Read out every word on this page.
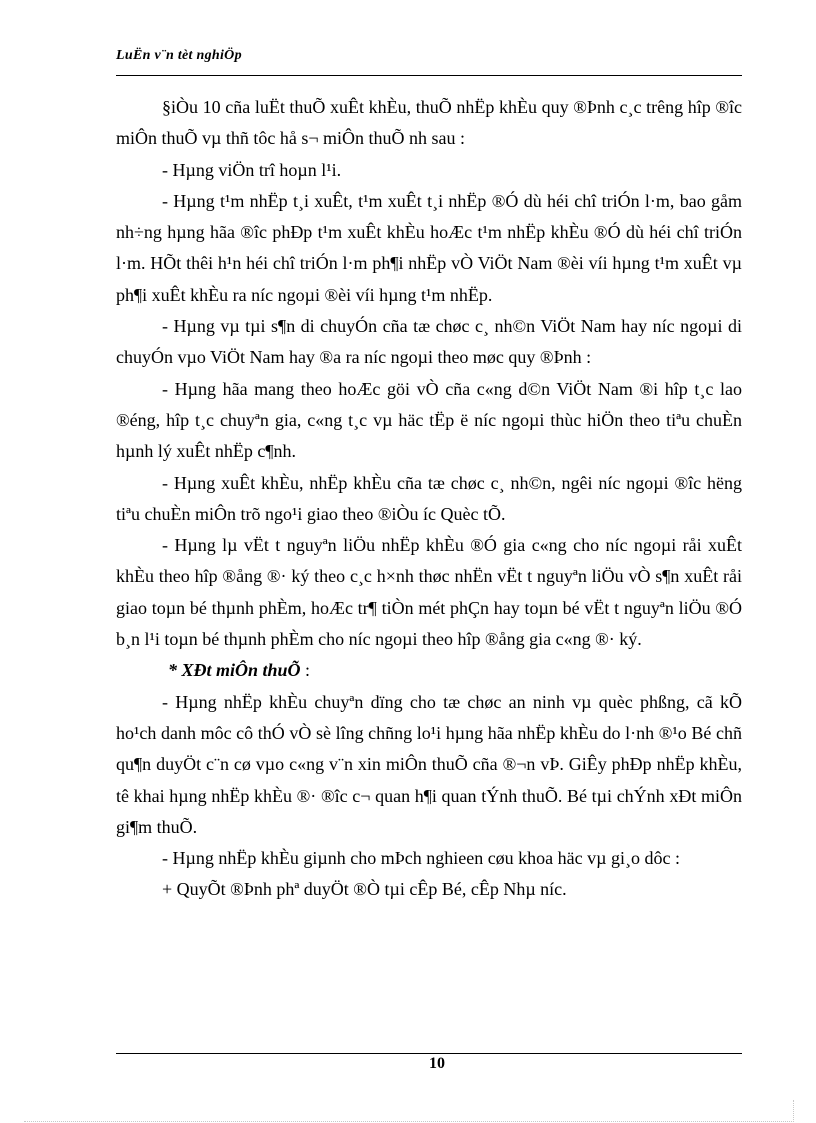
LuËn v¨n tèt nghiÖp

§iÒu 10 cña luËt thuÕ xuÊt khÈu, thuÕ nhËp khÈu quy ®Þnh c¸c trêng hîp ®îc miÔn thuÕ vµ thñ tôc hå s¬ miÔn thuÕ nh sau :

- Hµng viÖn trî hoµn l¹i.

- Hµng t¹m nhËp t¸i xuÊt, t¹m xuÊt t¸i nhËp ®Ó dù héi chî triÓn l·m, bao gåm nh÷ng hµng hãa ®îc phÐp t¹m xuÊt khÈu hoÆc t¹m nhËp khÈu ®Ó dù héi chî triÓn l·m. HÕt thêi h¹n héi chî triÓn l·m ph¶i nhËp vÒ ViÖt Nam ®èi víi hµng t¹m xuÊt vµ ph¶i xuÊt khÈu ra níc ngoµi ®èi víi hµng t¹m nhËp.

- Hµng vµ tµi s¶n di chuyÓn cña tæ chøc c¸ nh©n ViÖt Nam hay níc ngoµi di chuyÓn vµo ViÖt Nam hay ®a ra níc ngoµi theo møc quy ®Þnh :

- Hµng hãa mang theo hoÆc göi vÒ cña c«ng d©n ViÖt Nam ®i hîp t¸c lao ®éng, hîp t¸c chuyªn gia, c«ng t¸c vµ häc tËp ë níc ngoµi thùc hiÖn theo tiªu chuÈn hµnh lý xuÊt nhËp c¶nh.

- Hµng xuÊt khÈu, nhËp khÈu cña tæ chøc c¸ nh©n, ngêi níc ngoµi ®îc hëng tiªu chuÈn miÔn trõ ngo¹i giao theo ®iÒu íc Quèc tÕ.

- Hµng lµ vËt t nguyªn liÖu nhËp khÈu ®Ó gia c«ng cho níc ngoµi råi xuÊt khÈu theo hîp ®ång ®· ký theo c¸c h×nh thøc nhËn vËt t nguyªn liÖu vÒ s¶n xuÊt råi giao toµn bé thµnh phÈm, hoÆc tr¶ tiÒn mét phÇn hay toµn bé vËt t nguyªn liÖu ®Ó b¸n l¹i toµn bé thµnh phÈm cho níc ngoµi theo hîp ®ång gia c«ng ®· ký.

* XÐt miÔn thuÕ :

- Hµng nhËp khÈu chuyªn dïng cho tæ chøc an ninh vµ quèc phßng, cã kÕ ho¹ch danh môc cô thÓ vÒ sè lîng chñng lo¹i hµng hãa nhËp khÈu do l·nh ®¹o Bé chñ qu¶n duyÖt c¨n cø vµo c«ng v¨n xin miÔn thuÕ cña ®¬n vÞ. GiÊy phÐp nhËp khÈu, tê khai hµng nhËp khÈu ®· ®îc c¬ quan h¶i quan tÝnh thuÕ. Bé tµi chÝnh xÐt miÔn gi¶m thuÕ.

- Hµng nhËp khÈu giµnh cho mÞch nghieen cøu khoa häc vµ gi¸o dôc :

+ QuyÕt ®Þnh phª duyÖt ®Ò tµi cÊp Bé, cÊp Nhµ níc.

10
